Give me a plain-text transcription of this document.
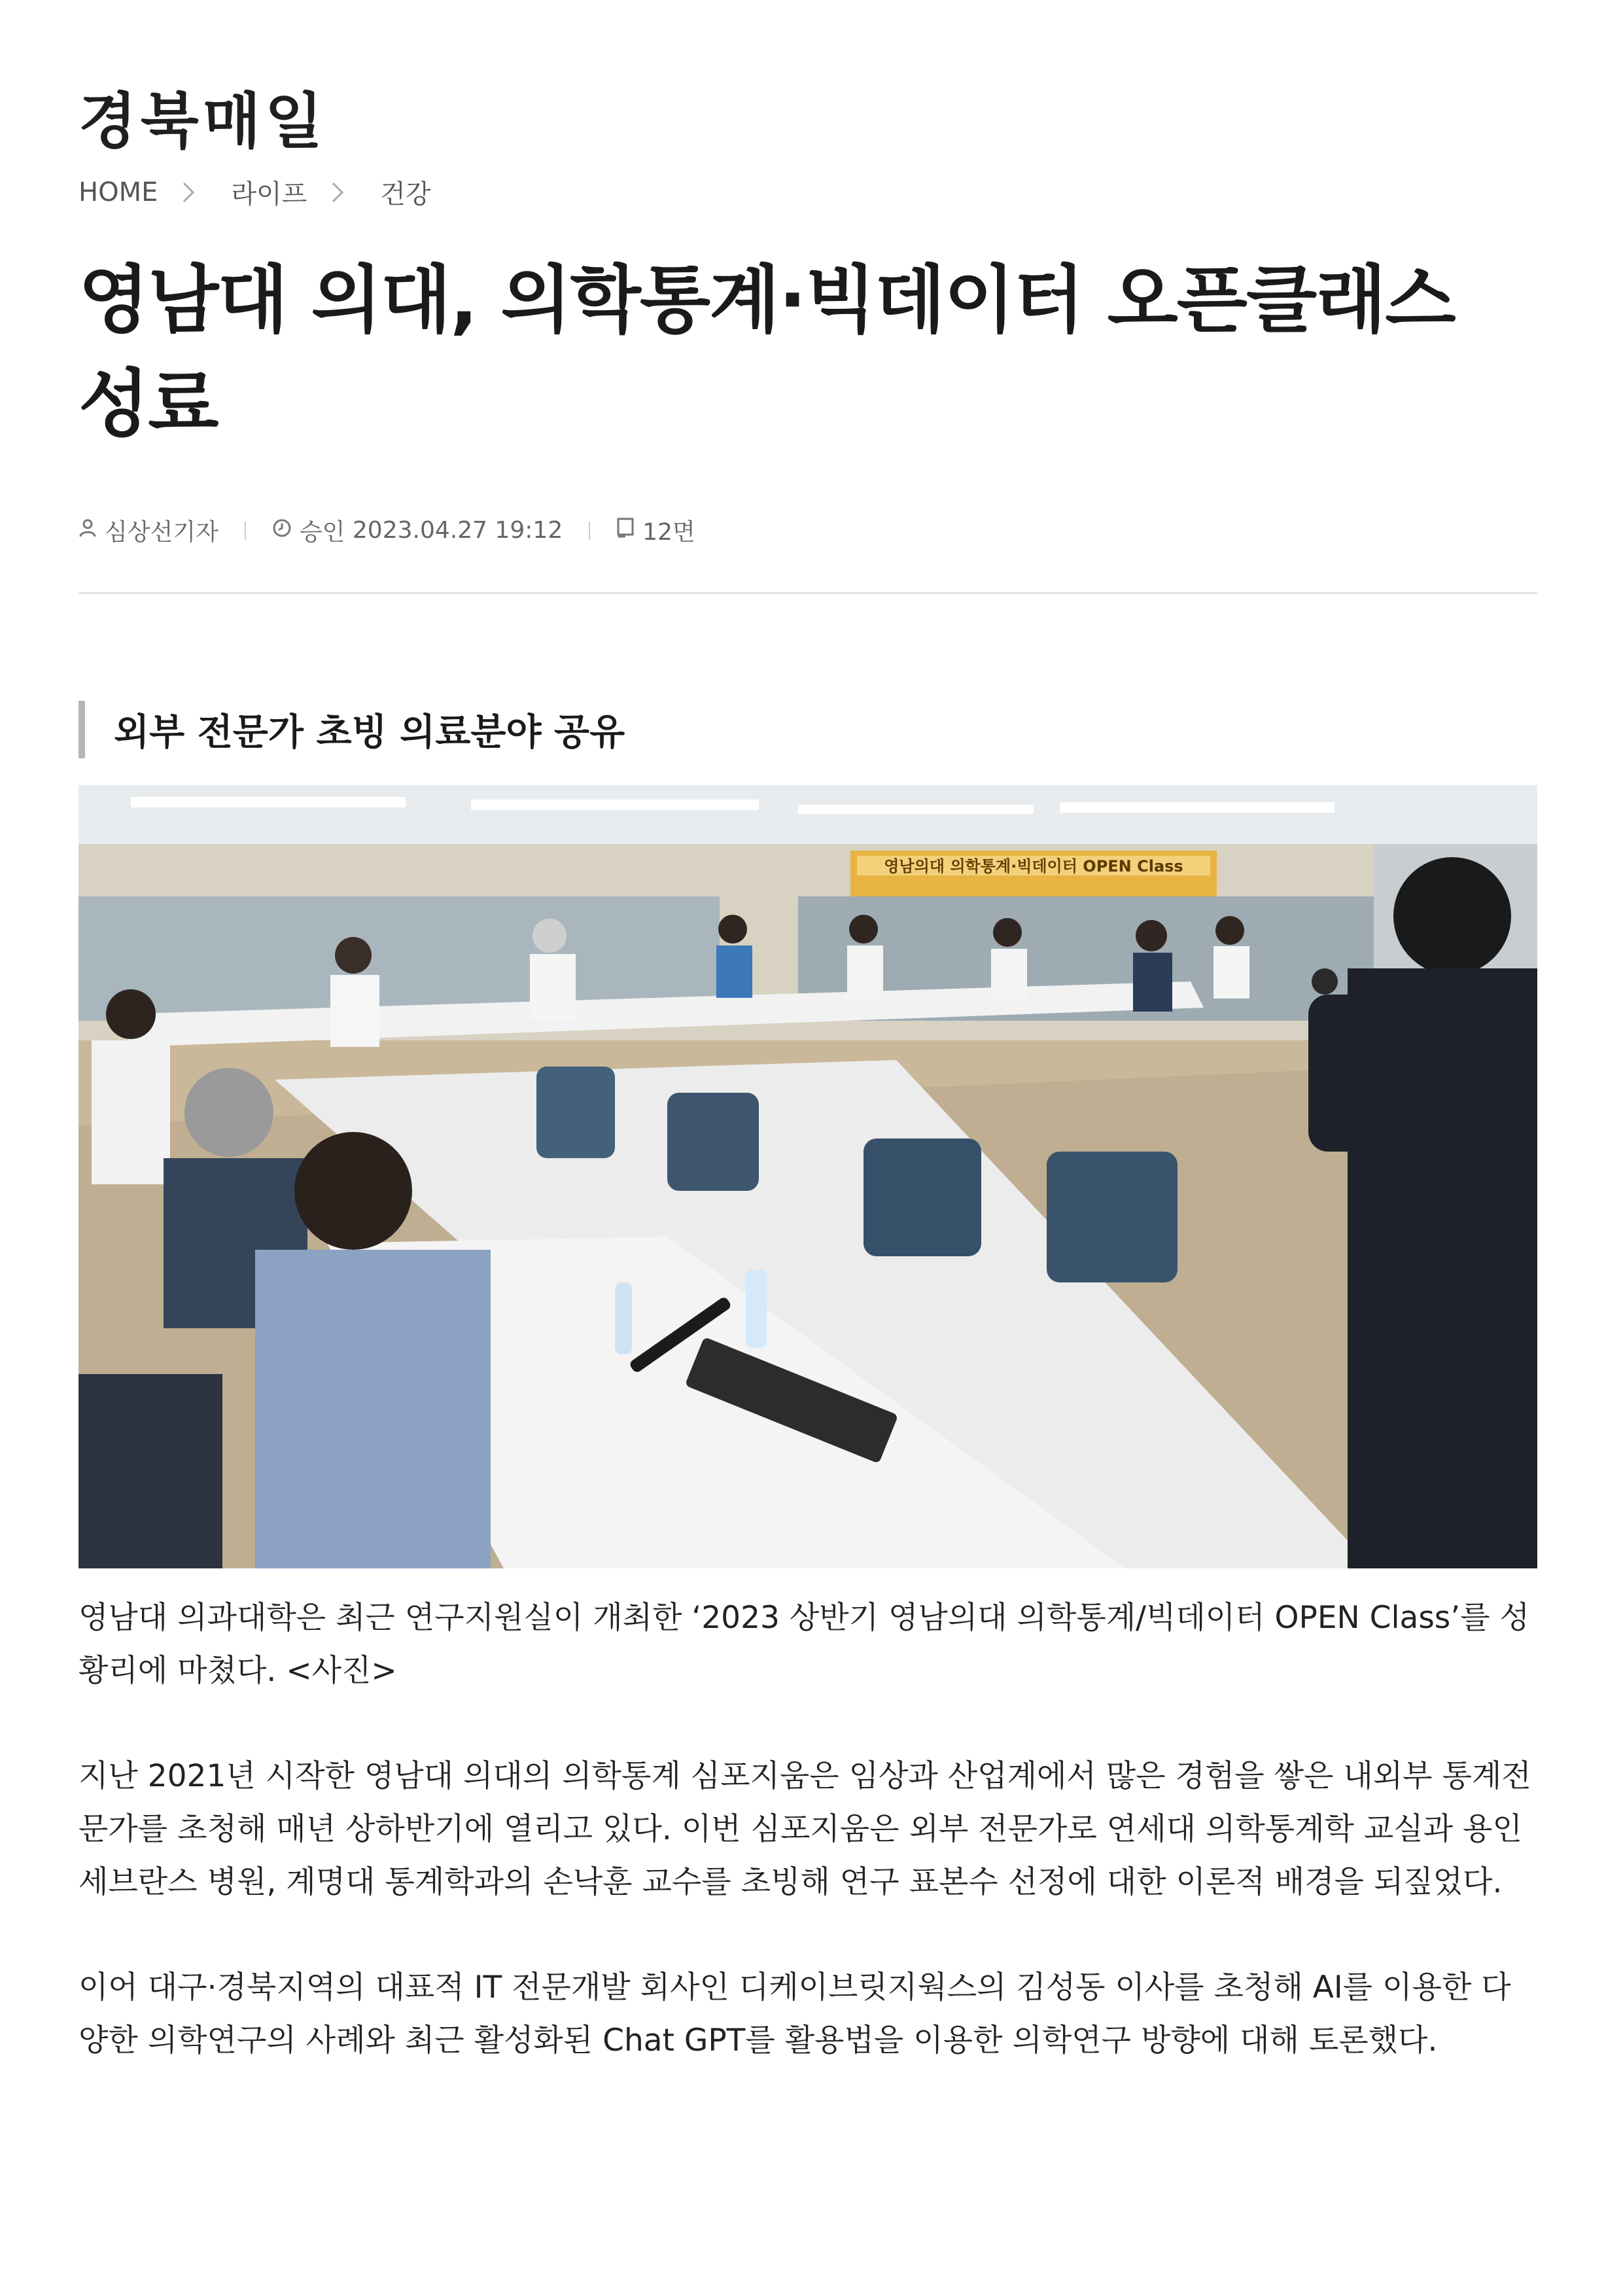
경북매일
HOME	라이프	건강
영남대 의대, 의학통계·빅데이터 오픈클래스 성료
심상선기자	승인
2023.04.27 19:12	12면
외부 전문가 초빙 의료분야 공유
영남의대 의학통계·빅데이터 OPEN Class

영남대 의과대학은 최근 연구지원실이 개최한 ‘2023 상반기 영남의대 의학통계/빅데이터 OPEN Class’를 성황리에 마쳤다. <사진>

지난 2021년 시작한 영남대 의대의 의학통계 심포지움은 임상과 산업계에서 많은 경험을 쌓은 내외부 통계전문가를 초청해 매년 상하반기에 열리고 있다. 이번 심포지움은 외부 전문가로 연세대 의학통계학 교실과 용인 세브란스 병원, 계명대 통계학과의 손낙훈 교수를 초빙해 연구 표본수 선정에 대한 이론적 배경을 되짚었다.

이어 대구·경북지역의 대표적 IT 전문개발 회사인 디케이브릿지웍스의 김성동 이사를 초청해 AI를 이용한 다양한 의학연구의 사례와 최근 활성화된 Chat GPT를 활용법을 이용한 의학연구 방향에 대해 토론했다.
